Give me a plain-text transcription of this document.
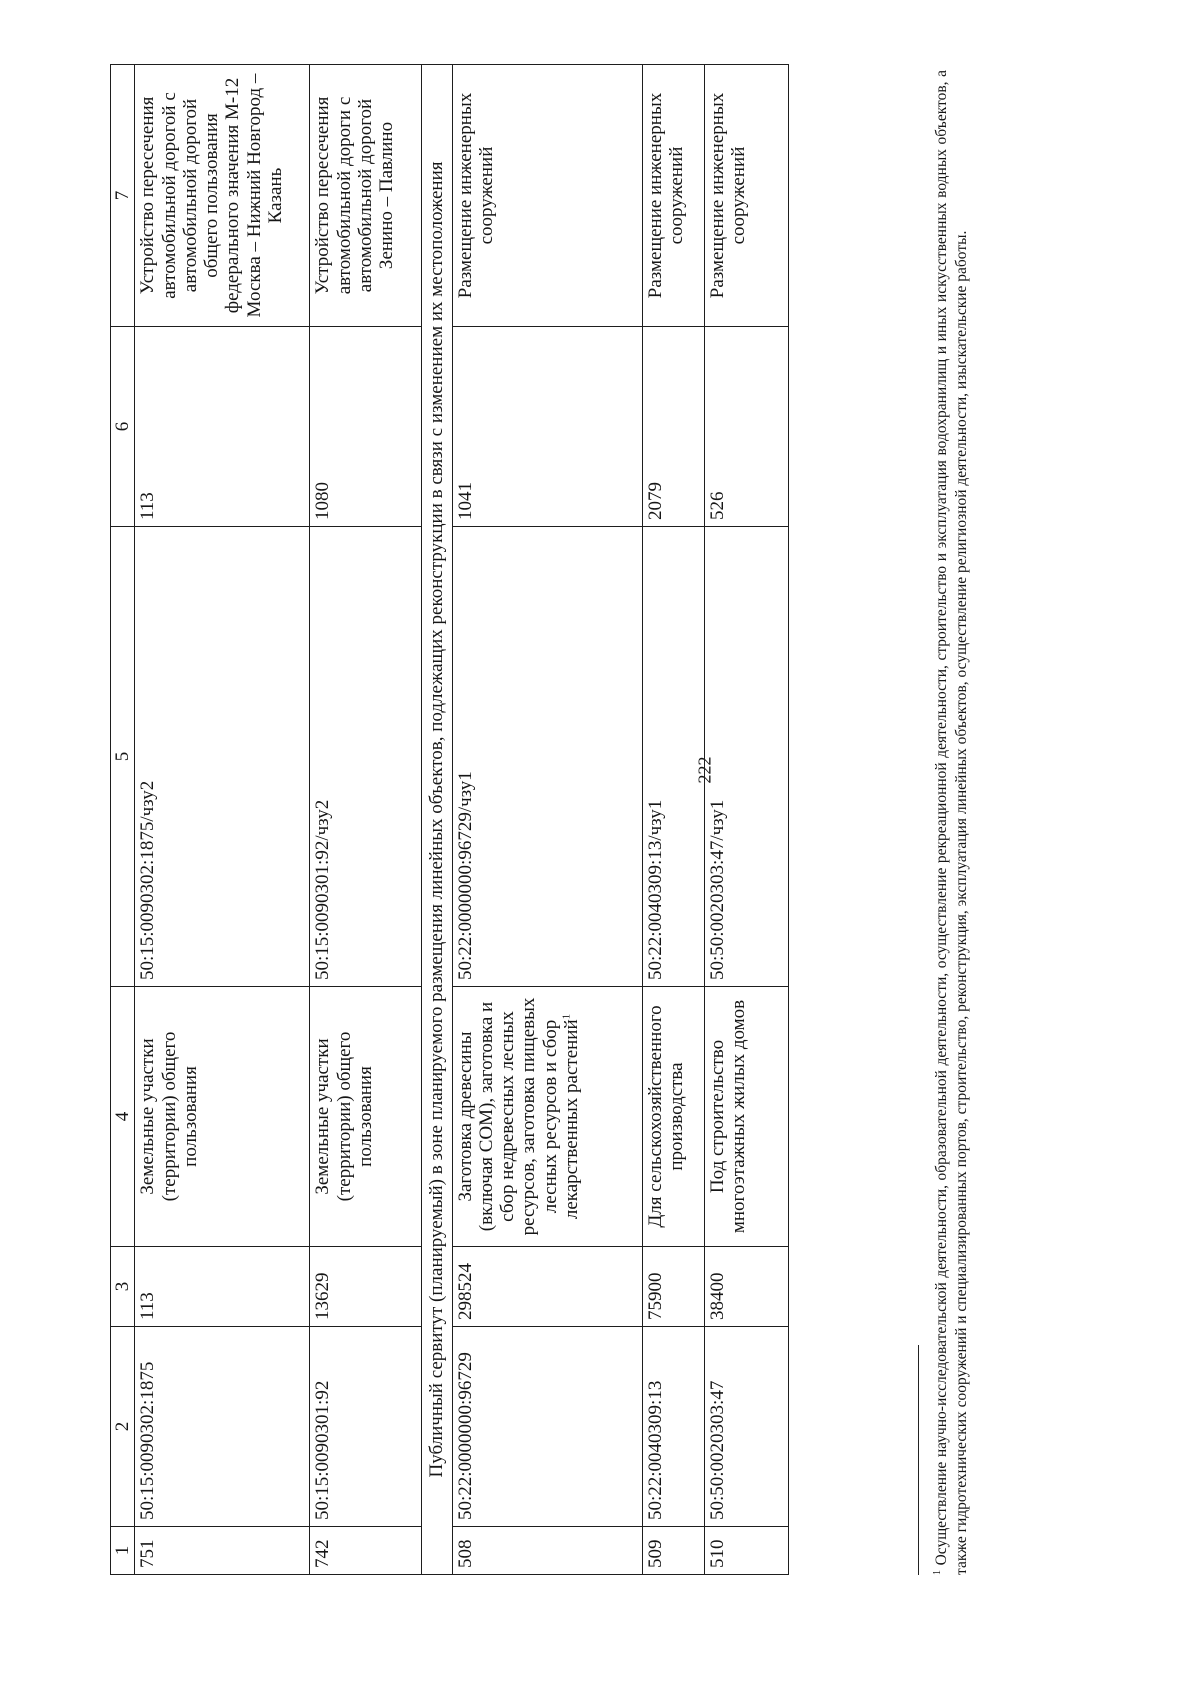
222
1	2	3	4	5	6	7
751	50:15:0090302:1875	113	Земельные участки (территории) общего пользования	50:15:0090302:1875/чзу2	113	Устройство пересечения автомобильной дорогой с автомобильной дорогой общего пользования федерального значения М-12 Москва – Нижний Новгород – Казань
742	50:15:0090301:92	13629	Земельные участки (территории) общего пользования	50:15:0090301:92/чзу2	1080	Устройство пересечения автомобильной дороги с автомобильной дорогой Зенино – Павлино
Публичный сервитут (планируемый) в зоне планируемого размещения линейных объектов, подлежащих реконструкции в связи с изменением их местоположения						
508	50:22:0000000:96729	298524	Заготовка древесины (включая СОМ), заготовка и сбор недревесных лесных ресурсов, заготовка пищевых лесных ресурсов и сбор лекарственных растений$^1$	50:22:0000000:96729/чзу1	1041	Размещение инженерных сооружений
509	50:22:0040309:13	75900	Для сельскохозяйственного производства	50:22:0040309:13/чзу1	2079	Размещение инженерных сооружений
510	50:50:0020303:47	38400	Под строительство многоэтажных жилых домов	50:50:0020303:47/чзу1	526	Размещение инженерных сооружений
$^1$ Осуществление научно-исследовательской деятельности, образовательной деятельности, осуществление рекреационной деятельности, строительство и эксплуатация водохранилищ и иных искусственных водных объектов, а также гидротехнических сооружений и специализированных портов, строительство, реконструкция, эксплуатация линейных объектов, осуществление религиозной деятельности, изыскательские работы.
